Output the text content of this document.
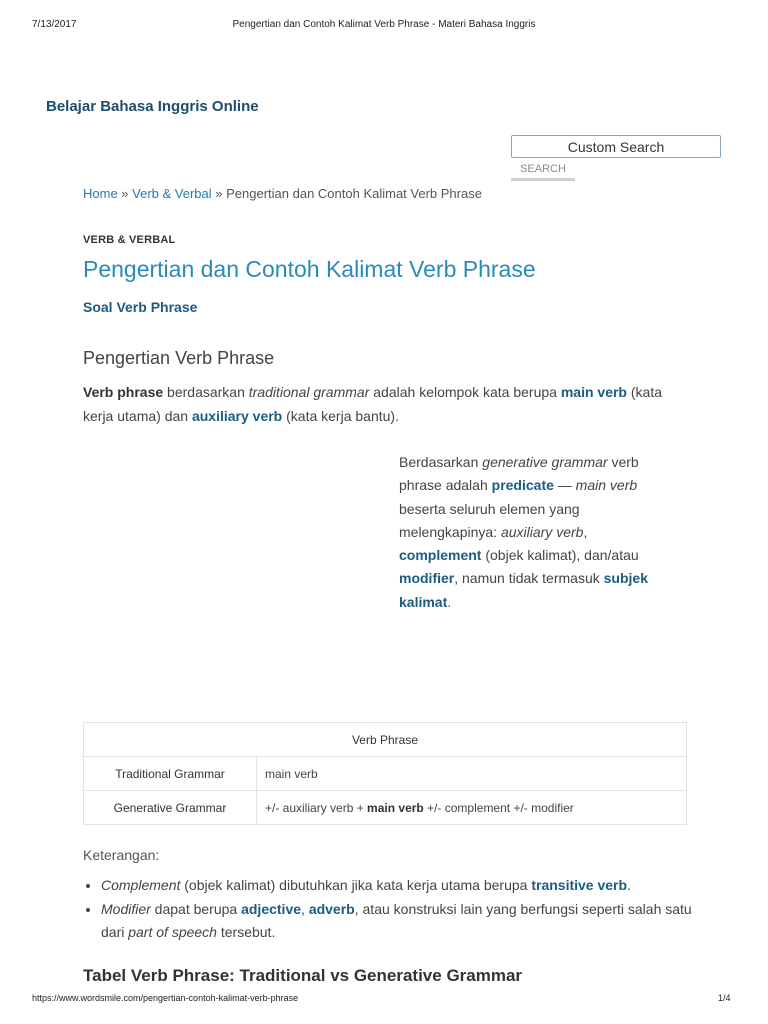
7/13/2017	Pengertian dan Contoh Kalimat Verb Phrase - Materi Bahasa Inggris
Belajar Bahasa Inggris Online
Custom Search
SEARCH
Home » Verb & Verbal » Pengertian dan Contoh Kalimat Verb Phrase
VERB & VERBAL
Pengertian dan Contoh Kalimat Verb Phrase
Soal Verb Phrase
Pengertian Verb Phrase

Verb phrase berdasarkan traditional grammar adalah kelompok kata berupa main verb (kata kerja utama) dan auxiliary verb (kata kerja bantu).

Berdasarkan generative grammar verb phrase adalah predicate — main verb beserta seluruh elemen yang melengkapinya: auxiliary verb, complement (objek kalimat), dan/atau modifier, namun tidak termasuk subjek kalimat.

Verb Phrase	
Traditional Grammar	main verb
Generative Grammar	+/- auxiliary verb + main verb +/- complement +/- modifier
Keterangan:
• Complement (objek kalimat) dibutuhkan jika kata kerja utama berupa transitive verb.
• Modifier dapat berupa adjective, adverb, atau konstruksi lain yang berfungsi seperti salah satu dari part of speech tersebut.
Tabel Verb Phrase: Traditional vs Generative Grammar
https://www.wordsmile.com/pengertian-contoh-kalimat-verb-phrase	1/4
